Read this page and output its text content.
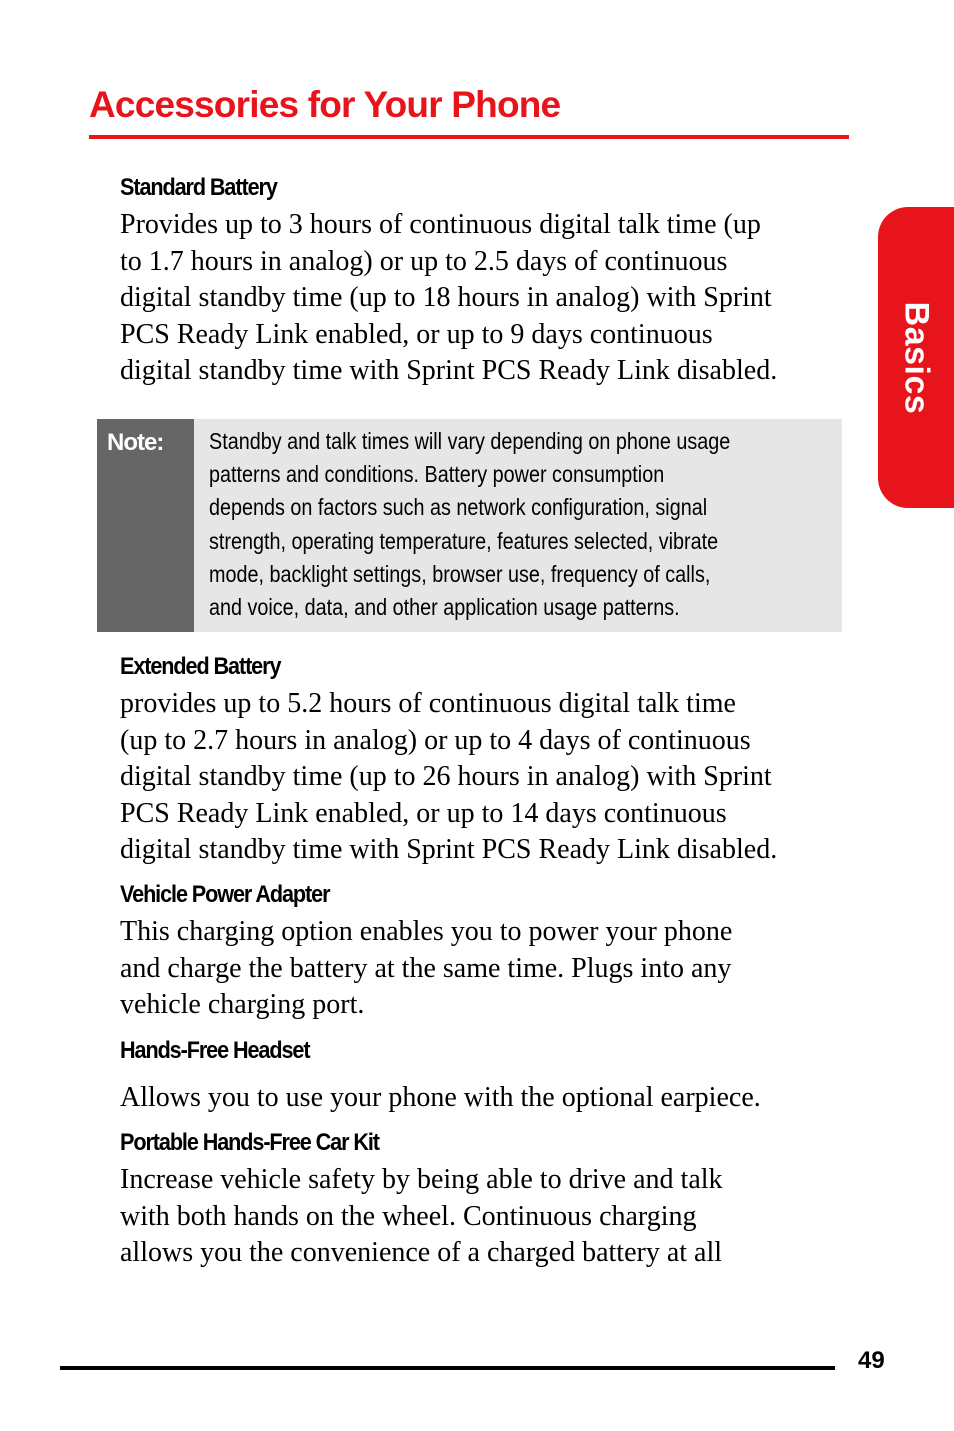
Accessories for Your Phone
Basics
Standard Battery

Provides up to 3 hours of continuous digital talk time (up
to 1.7 hours in analog) or up to 2.5 days of continuous
digital standby time (up to 18 hours in analog) with Sprint
PCS Ready Link enabled, or up to 9 days continuous
digital standby time with Sprint PCS Ready Link disabled.

Note: Standby and talk times will vary depending on phone usage
patterns and conditions. Battery power consumption
depends on factors such as network configuration, signal
strength, operating temperature, features selected, vibrate
mode, backlight settings, browser use, frequency of calls,
and voice, data, and other application usage patterns.

Extended Battery

provides up to 5.2 hours of continuous digital talk time
(up to 2.7 hours in analog) or up to 4 days of continuous
digital standby time (up to 26 hours in analog) with Sprint
PCS Ready Link enabled, or up to 14 days continuous
digital standby time with Sprint PCS Ready Link disabled.

Vehicle Power Adapter

This charging option enables you to power your phone
and charge the battery at the same time. Plugs into any
vehicle charging port.

Hands-Free Headset

Allows you to use your phone with the optional earpiece.

Portable Hands-Free Car Kit

Increase vehicle safety by being able to drive and talk
with both hands on the wheel. Continuous charging
allows you the convenience of a charged battery at all

49
